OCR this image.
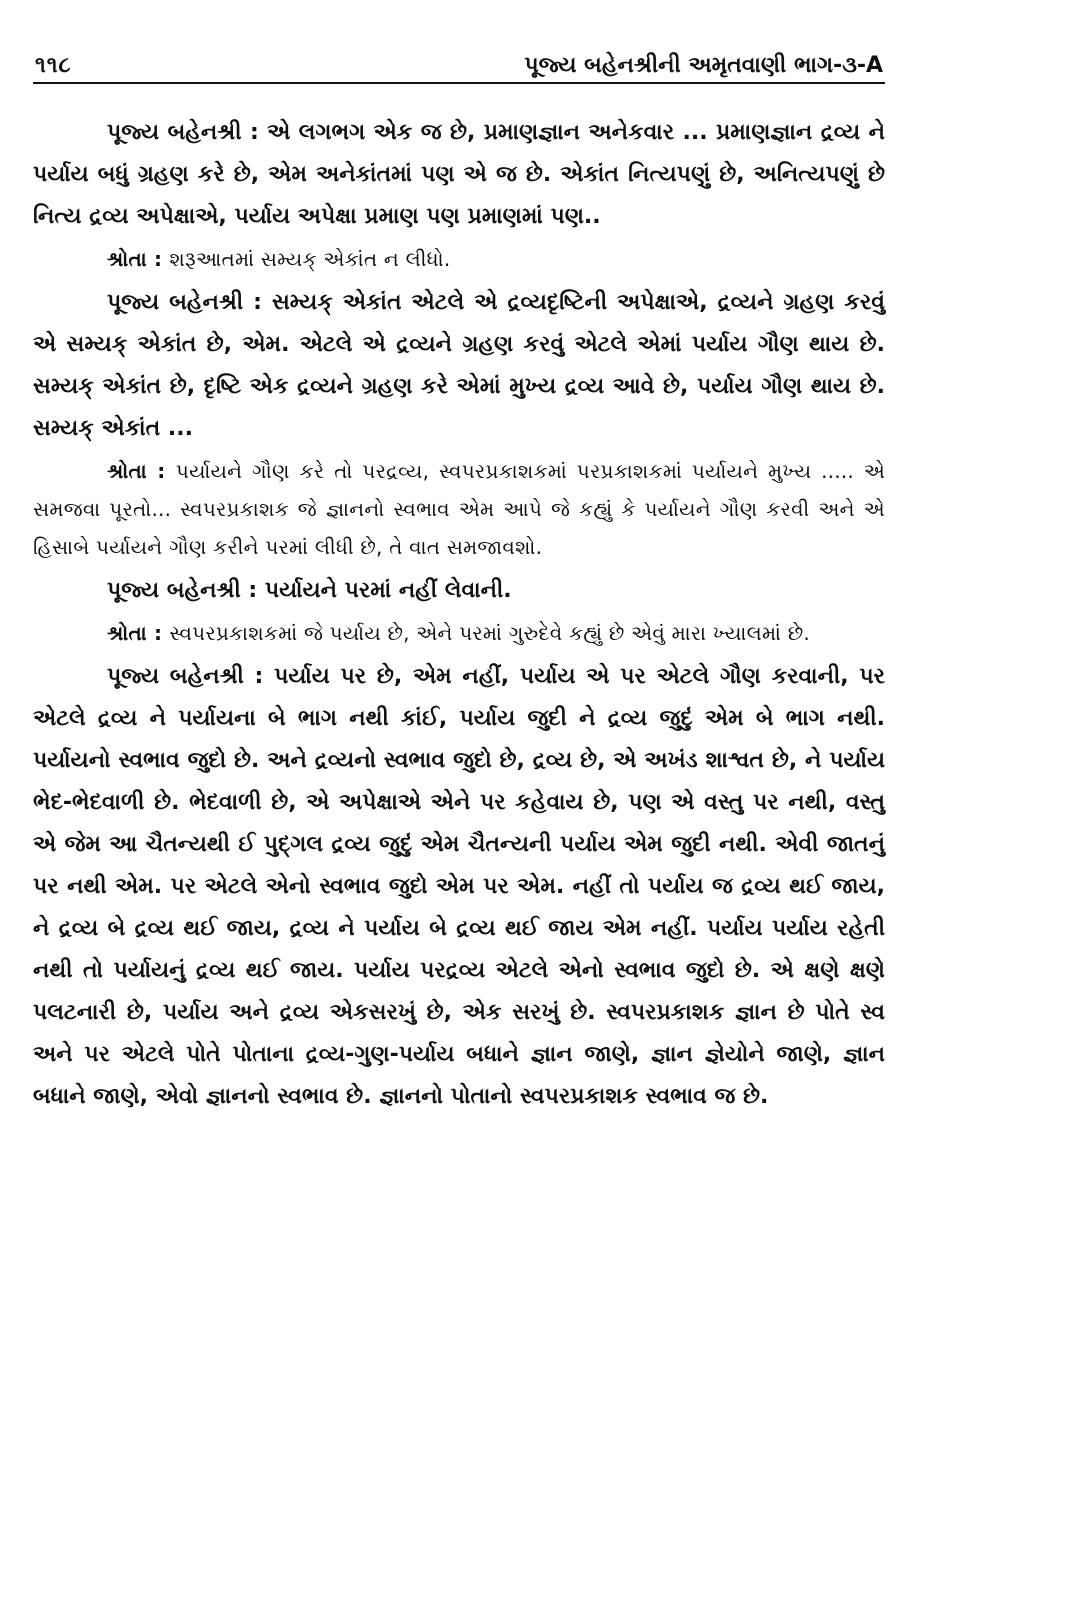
૧૧૮	પૂજ્ય બહેનશ્રીની અમૃતવાણી ભાગ-૩-A

પૂજ્ય બહેનશ્રી : એ લગભગ એક જ છે, પ્રમાણજ્ઞાન અનેકવાર ... પ્રમાણજ્ઞાન દ્રવ્ય ને પર્યાય બધું ગ્રહણ કરે છે, એમ અનેકાંતમાં પણ એ જ છે. એકાંત નિત્યપણું છે, અનિત્યપણું છે નિત્ય દ્રવ્ય અપેક્ષાએ, પર્યાય અપેક્ષા પ્રમાણ પણ પ્રમાણમાં પણ..

શ્રોતા : શરૂઆતમાં સમ્યક્ એકાંત ન લીધો.

પૂજ્ય બહેનશ્રી : સમ્યક્ એકાંત એટલે એ દ્રવ્યદૃષ્ટિની અપેક્ષાએ, દ્રવ્યને ગ્રહણ કરવું એ સમ્યક્ એકાંત છે, એમ. એટલે એ દ્રવ્યને ગ્રહણ કરવું એટલે એમાં પર્યાય ગૌણ થાય છે. સમ્યક્ એકાંત છે, દૃષ્ટિ એક દ્રવ્યને ગ્રહણ કરે એમાં મુખ્ય દ્રવ્ય આવે છે, પર્યાય ગૌણ થાય છે. સમ્યક્ એકાંત ...

શ્રોતા : પર્યાયને ગૌણ કરે તો પરદ્રવ્ય, સ્વપરપ્રકાશકમાં પરપ્રકાશકમાં પર્યાયને મુખ્ય ..... એ સમજવા પૂરતો... સ્વપરપ્રકાશક જે જ્ઞાનનો સ્વભાવ એમ આપે જે કહ્યું કે પર્યાયને ગૌણ કરવી અને એ હિસાબે પર્યાયને ગૌણ કરીને પરમાં લીધી છે, તે વાત સમજાવશો.

પૂજ્ય બહેનશ્રી : પર્યાયને પરમાં નહીં લેવાની.

શ્રોતા : સ્વપરપ્રકાશકમાં જે પર્યાય છે, એને પરમાં ગુરુદેવે કહ્યું છે એવું મારા ખ્યાલમાં છે.

પૂજ્ય બહેનશ્રી : પર્યાય પર છે, એમ નહીં, પર્યાય એ પર એટલે ગૌણ કરવાની, પર એટલે દ્રવ્ય ને પર્યાયના બે ભાગ નથી કાંઈ, પર્યાય જુદી ને દ્રવ્ય જુદું એમ બે ભાગ નથી. પર્યાયનો સ્વભાવ જુદો છે. અને દ્રવ્યનો સ્વભાવ જુદો છે, દ્રવ્ય છે, એ અખંડ શાશ્વત છે, ને પર્યાય ભેદ-ભેદવાળી છે. ભેદવાળી છે, એ અપેક્ષાએ એને પર કહેવાય છે, પણ એ વસ્તુ પર નથી, વસ્તુ એ જેમ આ ચૈતન્યથી ઈ પુદ્ગલ દ્રવ્ય જુદું એમ ચૈતન્યની પર્યાય એમ જુદી નથી. એવી જાતનું પર નથી એમ. પર એટલે એનો સ્વભાવ જુદો એમ પર એમ. નહીં તો પર્યાય જ દ્રવ્ય થઈ જાય, ને દ્રવ્ય બે દ્રવ્ય થઈ જાય, દ્રવ્ય ને પર્યાય બે દ્રવ્ય થઈ જાય એમ નહીં. પર્યાય પર્યાય રહેતી નથી તો પર્યાયનું દ્રવ્ય થઈ જાય. પર્યાય પરદ્રવ્ય એટલે એનો સ્વભાવ જુદો છે. એ ક્ષણે ક્ષણે પલટનારી છે, પર્યાય અને દ્રવ્ય એકસરખું છે, એક સરખું છે. સ્વપરપ્રકાશક જ્ઞાન છે પોતે સ્વ અને પર એટલે પોતે પોતાના દ્રવ્ય-ગુણ-પર્યાય બધાને જ્ઞાન જાણે, જ્ઞાન જ્ઞેયોને જાણે, જ્ઞાન બધાને જાણે, એવો જ્ઞાનનો સ્વભાવ છે. જ્ઞાનનો પોતાનો સ્વપરપ્રકાશક સ્વભાવ જ છે.
